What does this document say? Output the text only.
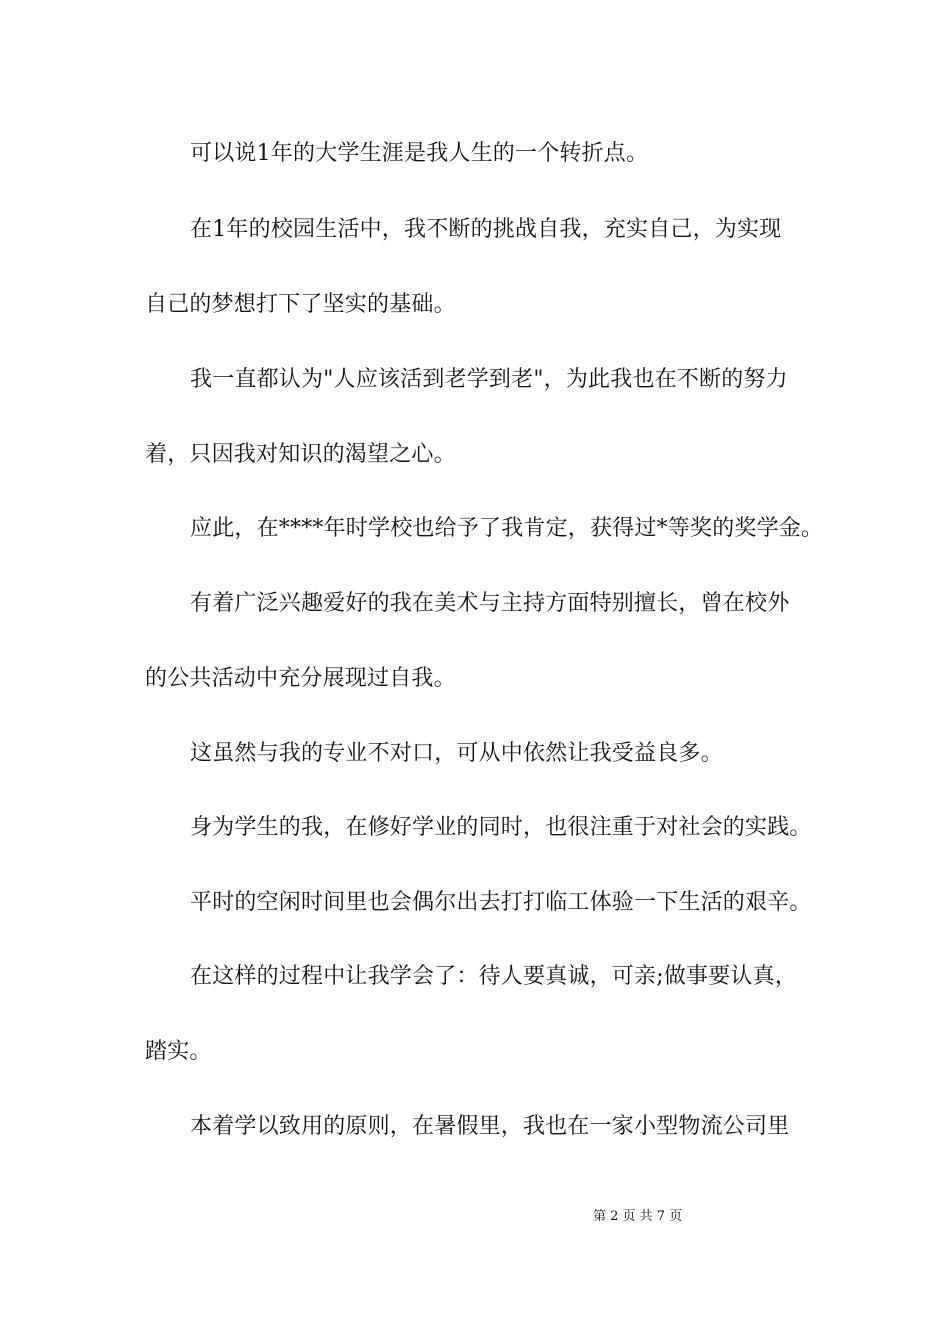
可以说1年的大学生涯是我人生的一个转折点。
在1年的校园生活中，我不断的挑战自我，充实自己，为实现
自己的梦想打下了坚实的基础。
我一直都认为"人应该活到老学到老"，为此我也在不断的努力
着，只因我对知识的渴望之心。
应此，在****年时学校也给予了我肯定，获得过*等奖的奖学金。
有着广泛兴趣爱好的我在美术与主持方面特别擅长，曾在校外
的公共活动中充分展现过自我。
这虽然与我的专业不对口，可从中依然让我受益良多。
身为学生的我，在修好学业的同时，也很注重于对社会的实践。
平时的空闲时间里也会偶尔出去打打临工体验一下生活的艰辛。
在这样的过程中让我学会了：待人要真诚，可亲;做事要认真，
踏实。
本着学以致用的原则，在暑假里，我也在一家小型物流公司里
第 2 页 共 7 页
